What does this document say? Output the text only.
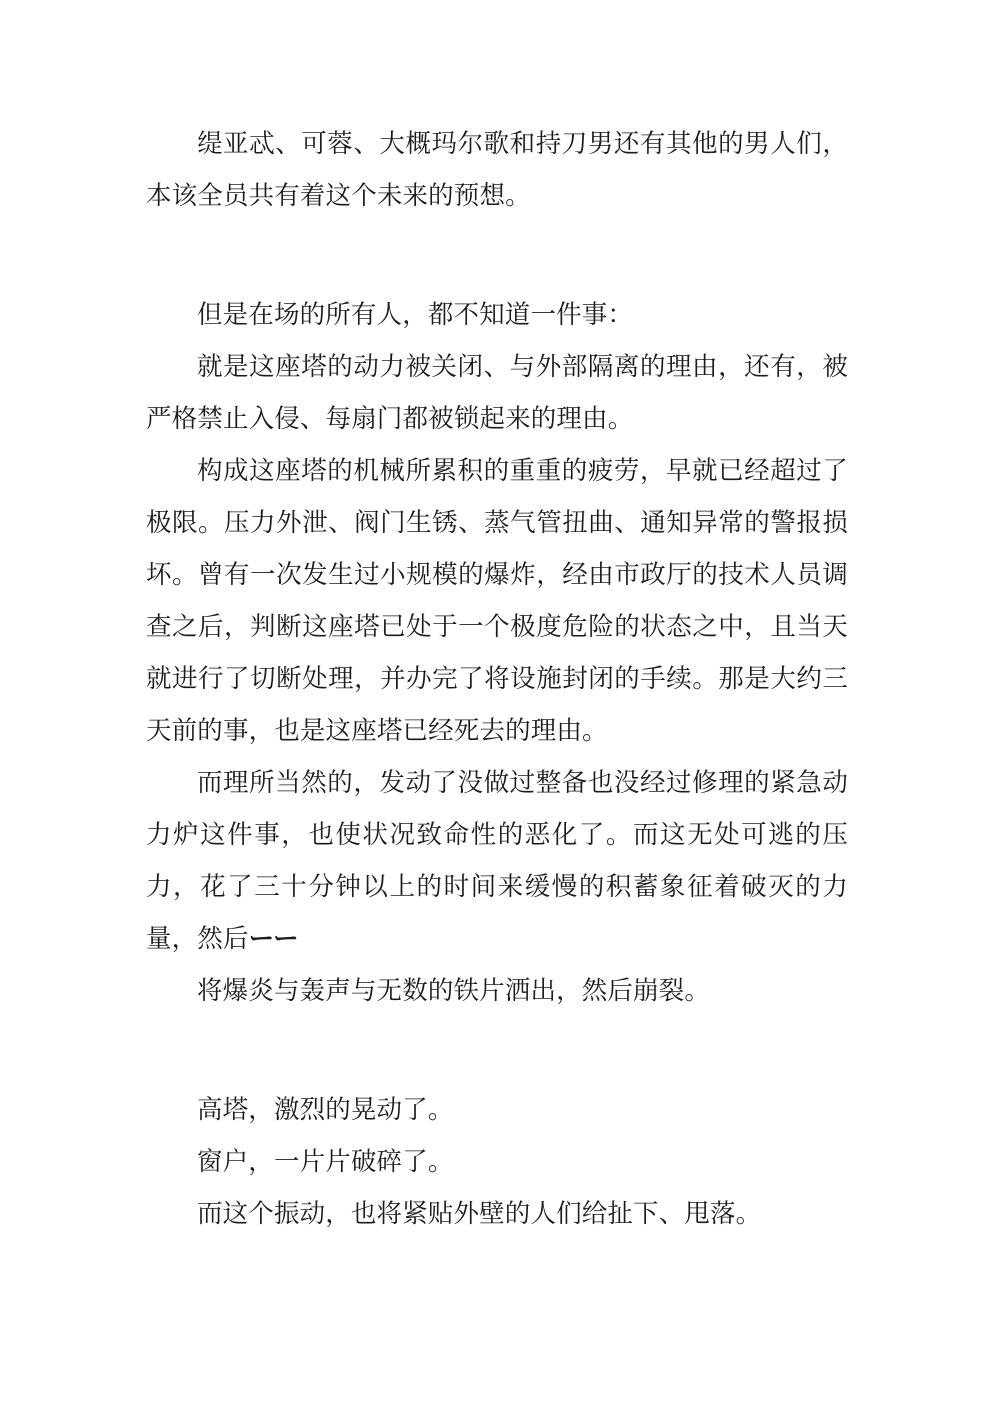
缇亚忒、可蓉、大概玛尔歌和持刀男还有其他的男人们，本该全员共有着这个未来的预想。

但是在场的所有人，都不知道一件事：

就是这座塔的动力被关闭、与外部隔离的理由，还有，被严格禁止入侵、每扇门都被锁起来的理由。

构成这座塔的机械所累积的重重的疲劳，早就已经超过了极限。压力外泄、阀门生锈、蒸气管扭曲、通知异常的警报损坏。曾有一次发生过小规模的爆炸，经由市政厅的技术人员调查之后，判断这座塔已处于一个极度危险的状态之中，且当天就进行了切断处理，并办完了将设施封闭的手续。那是大约三天前的事，也是这座塔已经死去的理由。

而理所当然的，发动了没做过整备也没经过修理的紧急动力炉这件事，也使状况致命性的恶化了。而这无处可逃的压力，花了三十分钟以上的时间来缓慢的积蓄象征着破灭的力量，然后ーー

将爆炎与轰声与无数的铁片洒出，然后崩裂。

高塔，激烈的晃动了。

窗户，一片片破碎了。

而这个振动，也将紧贴外壁的人们给扯下、甩落。
